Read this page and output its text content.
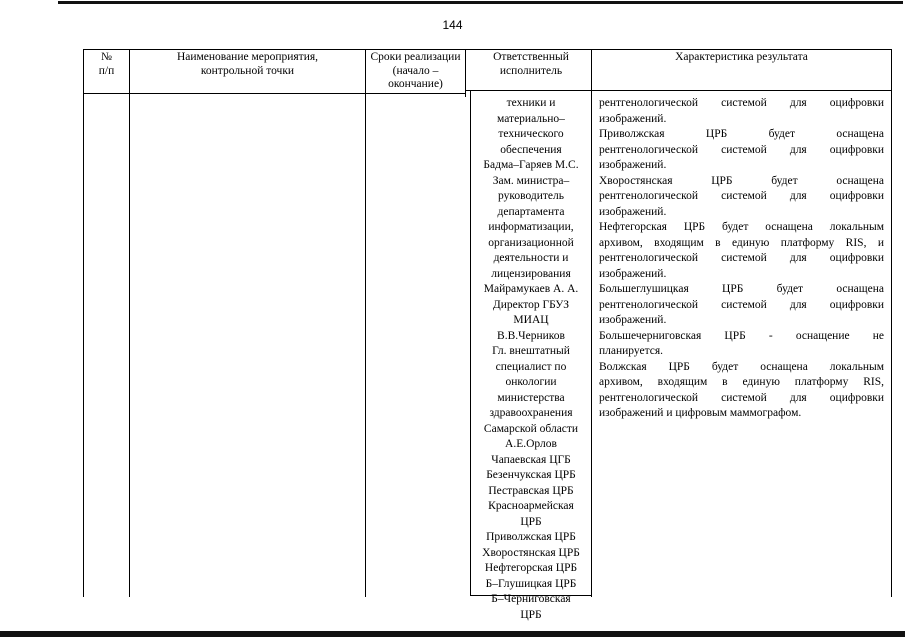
144
№
п/п
Наименование мероприятия,
контрольной точки
Сроки реализации
(начало –
окончание)
Ответственный
исполнитель
Характеристика результата
техники и
материально–
технического
обеспечения
Бадма–Гаряев М.С.
Зам. министра–
руководитель
департамента
информатизации,
организационной
деятельности и
лицензирования
Майрамукаев А. А.
Директор ГБУЗ
МИАЦ
В.В.Черников
Гл. внештатный
специалист по
онкологии
министерства
здравоохранения
Самарской области
А.Е.Орлов
Чапаевская ЦГБ
Безенчукская ЦРБ
Пестравская ЦРБ
Красноармейская
ЦРБ
Приволжская ЦРБ
Хворостянская ЦРБ
Нефтегорская ЦРБ
Б–Глушицкая ЦРБ
Б–Черниговская
ЦРБ
рентгенологической системой для оцифровки
изображений.
Приволжская ЦРБ будет оснащена
рентгенологической системой для оцифровки
изображений.
Хворостянская ЦРБ будет оснащена
рентгенологической системой для оцифровки
изображений.
Нефтегорская ЦРБ будет оснащена локальным
архивом, входящим в единую платформу RIS, и
рентгенологической системой для оцифровки
изображений.
Большеглушицкая ЦРБ будет оснащена
рентгенологической системой для оцифровки
изображений.
Большечерниговская ЦРБ - оснащение не
планируется.
Волжская ЦРБ будет оснащена локальным
архивом, входящим в единую платформу RIS,
рентгенологической системой для оцифровки
изображений и цифровым маммографом.
